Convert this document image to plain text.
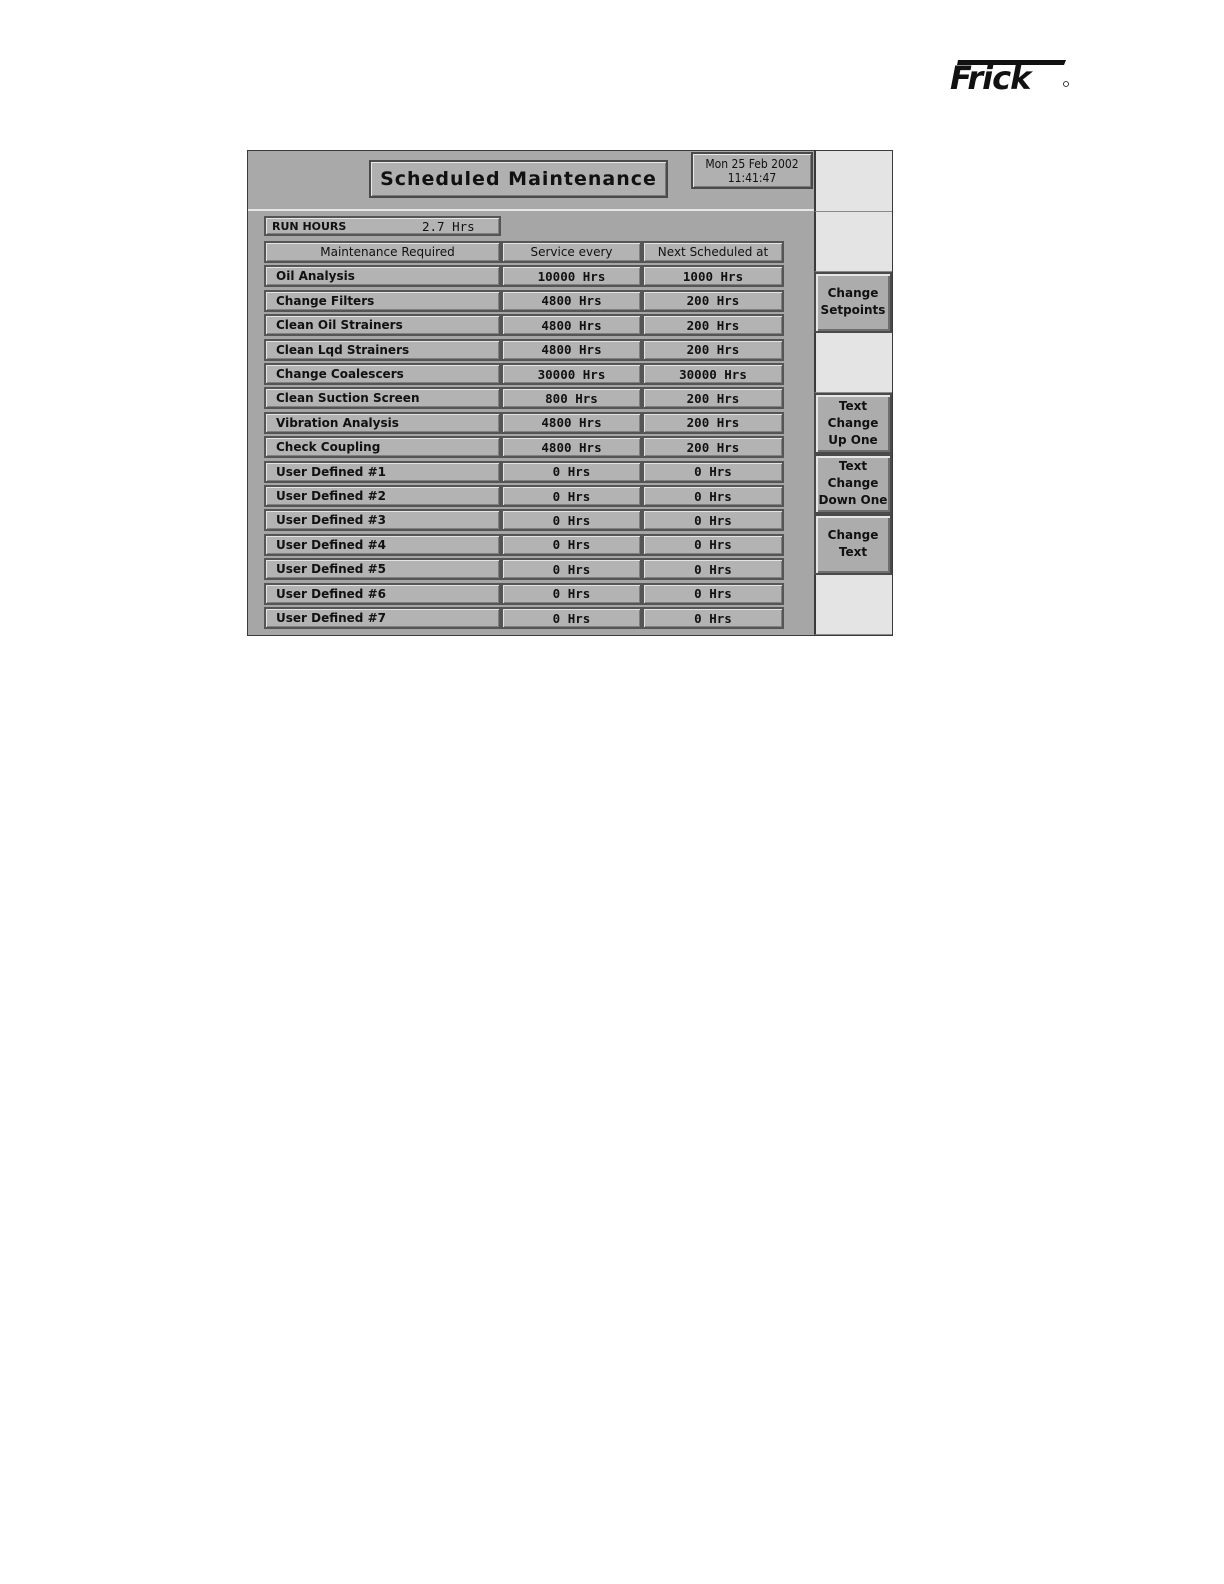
Frick
Scheduled Maintenance
Mon 25 Feb 2002
11:41:47
RUN HOURS	2.7 Hrs
Maintenance Required	Service every	Next Scheduled at
Oil Analysis	10000 Hrs	1000 Hrs
Change Filters	4800 Hrs	200 Hrs
Clean Oil Strainers	4800 Hrs	200 Hrs
Clean Lqd Strainers	4800 Hrs	200 Hrs
Change Coalescers	30000 Hrs	30000 Hrs
Clean Suction Screen	800 Hrs	200 Hrs
Vibration Analysis	4800 Hrs	200 Hrs
Check Coupling	4800 Hrs	200 Hrs
User Defined #1	0 Hrs	0 Hrs
User Defined #2	0 Hrs	0 Hrs
User Defined #3	0 Hrs	0 Hrs
User Defined #4	0 Hrs	0 Hrs
User Defined #5	0 Hrs	0 Hrs
User Defined #6	0 Hrs	0 Hrs
User Defined #7	0 Hrs	0 Hrs
Change
Setpoints
Text
Change
Up One
Text
Change
Down One
Change
Text
